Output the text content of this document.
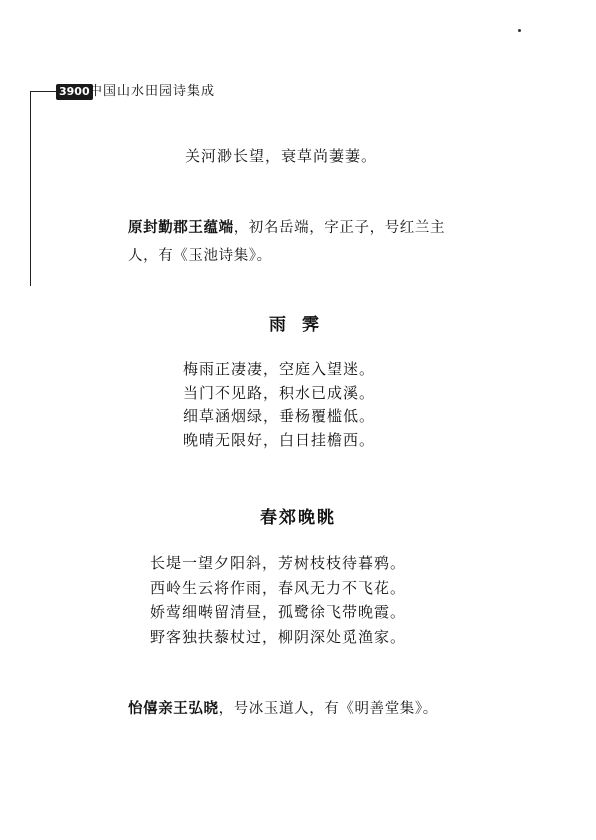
3900 中国山水田园诗集成
关河渺长望，衰草尚萋萋。
原封勤郡王蕴端，初名岳端，字正子，号红兰主人，有《玉池诗集》。
雨霁
梅雨正凄凄，空庭入望迷。
当门不见路，积水已成溪。
细草涵烟绿，垂杨覆槛低。
晚晴无限好，白日挂檐西。
春郊晚眺
长堤一望夕阳斜，芳树枝枝待暮鸦。
西岭生云将作雨，春风无力不飞花。
娇莺细啭留清昼，孤鹭徐飞带晚霞。
野客独扶藜杖过，柳阴深处觅渔家。
怡僖亲王弘晓，号冰玉道人，有《明善堂集》。
